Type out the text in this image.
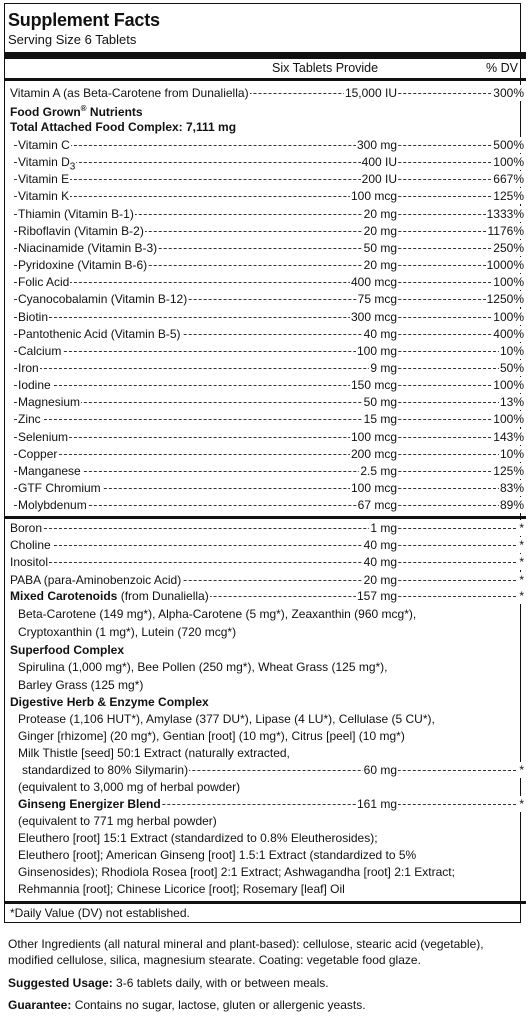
Supplement Facts
Serving Size 6 Tablets
Six Tablets Provide	% DV
Vitamin A (as Beta-Carotene from Dunaliella)	15,000 IU	300%
Food Grown® Nutrients
Total Attached Food Complex: 7,111 mg
Vitamin C	300 mg	500%
Vitamin $D_3$	400 IU	100%
Vitamin E	200 IU	667%
Vitamin K	100 mcg	125%
Thiamin (Vitamin B-1)	20 mg	1333%
Riboflavin (Vitamin B-2)	20 mg	1176%
Niacinamide (Vitamin B-3)	50 mg	250%
Pyridoxine (Vitamin B-6)	20 mg	1000%
Folic Acid	400 mcg	100%
Cyanocobalamin (Vitamin B-12)	75 mcg	1250%
Biotin	300 mcg	100%
Pantothenic Acid (Vitamin B-5)	40 mg	400%
Calcium	100 mg	10%
Iron	9 mg	50%
Iodine	150 mcg	100%
Magnesium	50 mg	13%
Zinc	15 mg	100%
Selenium	100 mcg	143%
Copper	200 mcg	10%
Manganese	2.5 mg	125%
GTF Chromium	100 mcg	83%
Molybdenum	67 mcg	89%
Boron	1 mg	*
Choline	40 mg	*
Inositol	40 mg	*
PABA (para-Aminobenzoic Acid)	20 mg	*
Mixed Carotenoids (from Dunaliella)	157 mg	*
Beta-Carotene (149 mg*), Alpha-Carotene (5 mg*), Zeaxanthin (960 mcg*),
Cryptoxanthin (1 mg*), Lutein (720 mcg*)
Superfood Complex
Spirulina (1,000 mg*), Bee Pollen (250 mg*), Wheat Grass (125 mg*),
Barley Grass (125 mg*)
Digestive Herb & Enzyme Complex
Protease (1,106 HUT*), Amylase (377 DU*), Lipase (4 LU*), Cellulase (5 CU*),
Ginger [rhizome] (20 mg*), Gentian [root] (10 mg*), Citrus [peel] (10 mg*)
Milk Thistle [seed] 50:1 Extract (naturally extracted,
standardized to 80% Silymarin)	60 mg	*
(equivalent to 3,000 mg of herbal powder)
Ginseng Energizer Blend	161 mg	*
(equivalent to 771 mg herbal powder)
Eleuthero [root] 15:1 Extract (standardized to 0.8% Eleutherosides);
Eleuthero [root]; American Ginseng [root] 1.5:1 Extract (standardized to 5%
Ginsenosides); Rhodiola Rosea [root] 2:1 Extract; Ashwagandha [root] 2:1 Extract;
Rehmannia [root]; Chinese Licorice [root]; Rosemary [leaf] Oil
*Daily Value (DV) not established.
Other Ingredients (all natural mineral and plant-based): cellulose, stearic acid (vegetable),
modified cellulose, silica, magnesium stearate. Coating: vegetable food glaze.
Suggested Usage: 3-6 tablets daily, with or between meals.
Guarantee: Contains no sugar, lactose, gluten or allergenic yeasts.
